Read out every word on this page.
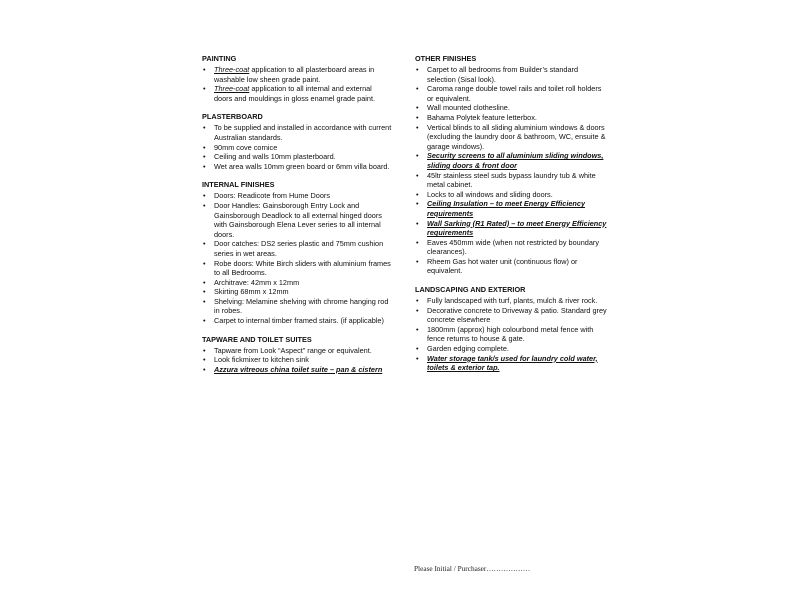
PAINTING
• Three-coat application to all plasterboard areas in washable low sheen grade paint.
• Three-coat application to all internal and external doors and mouldings in gloss enamel grade paint.
PLASTERBOARD
• To be supplied and installed in accordance with current Australian standards.
• 90mm cove cornice
• Ceiling and walls 10mm plasterboard.
• Wet area walls 10mm green board or 6mm villa board.
INTERNAL FINISHES
• Doors: Readicote from Hume Doors
• Door Handles: Gainsborough Entry Lock and Gainsborough Deadlock to all external hinged doors with Gainsborough Elena Lever series to all internal doors.
• Door catches: DS2 series plastic and 75mm cushion series in wet areas.
• Robe doors: White Birch sliders with aluminium frames to all Bedrooms.
• Architrave: 42mm x 12mm
• Skirting 68mm x 12mm
• Shelving: Melamine shelving with chrome hanging rod in robes.
• Carpet to internal timber framed stairs. (if applicable)
TAPWARE AND TOILET SUITES
• Tapware from Look “Aspect” range or equivalent.
• Look fickmixer to kitchen sink
• Azzura vitreous china toilet suite – pan & cistern
OTHER FINISHES
• Carpet to all bedrooms from Builder’s standard selection (Sisal look).
• Caroma range double towel rails and toilet roll holders or equivalent.
• Wall mounted clothesline.
• Bahama Polytek feature letterbox.
• Vertical blinds to all sliding aluminium windows & doors (excluding the laundry door & bathroom, WC, ensuite & garage windows).
• Security screens to all aluminium sliding windows, sliding doors & front door
• 45ltr stainless steel suds bypass laundry tub & white metal cabinet.
• Locks to all windows and sliding doors.
• Ceiling Insulation – to meet Energy Efficiency requirements
• Wall Sarking (R1 Rated) – to meet Energy Efficiency requirements
• Eaves 450mm wide (when not restricted by boundary clearances).
• Rheem Gas hot water unit (continuous flow) or equivalent.
LANDSCAPING AND EXTERIOR
• Fully landscaped with turf, plants, mulch & river rock.
• Decorative concrete to Driveway & patio. Standard grey concrete elsewhere
• 1800mm (approx) high colourbond metal fence with fence returns to house & gate.
• Garden edging complete.
• Water storage tank/s used for laundry cold water, toilets & exterior tap.
Please Initial / Purchaser………………
